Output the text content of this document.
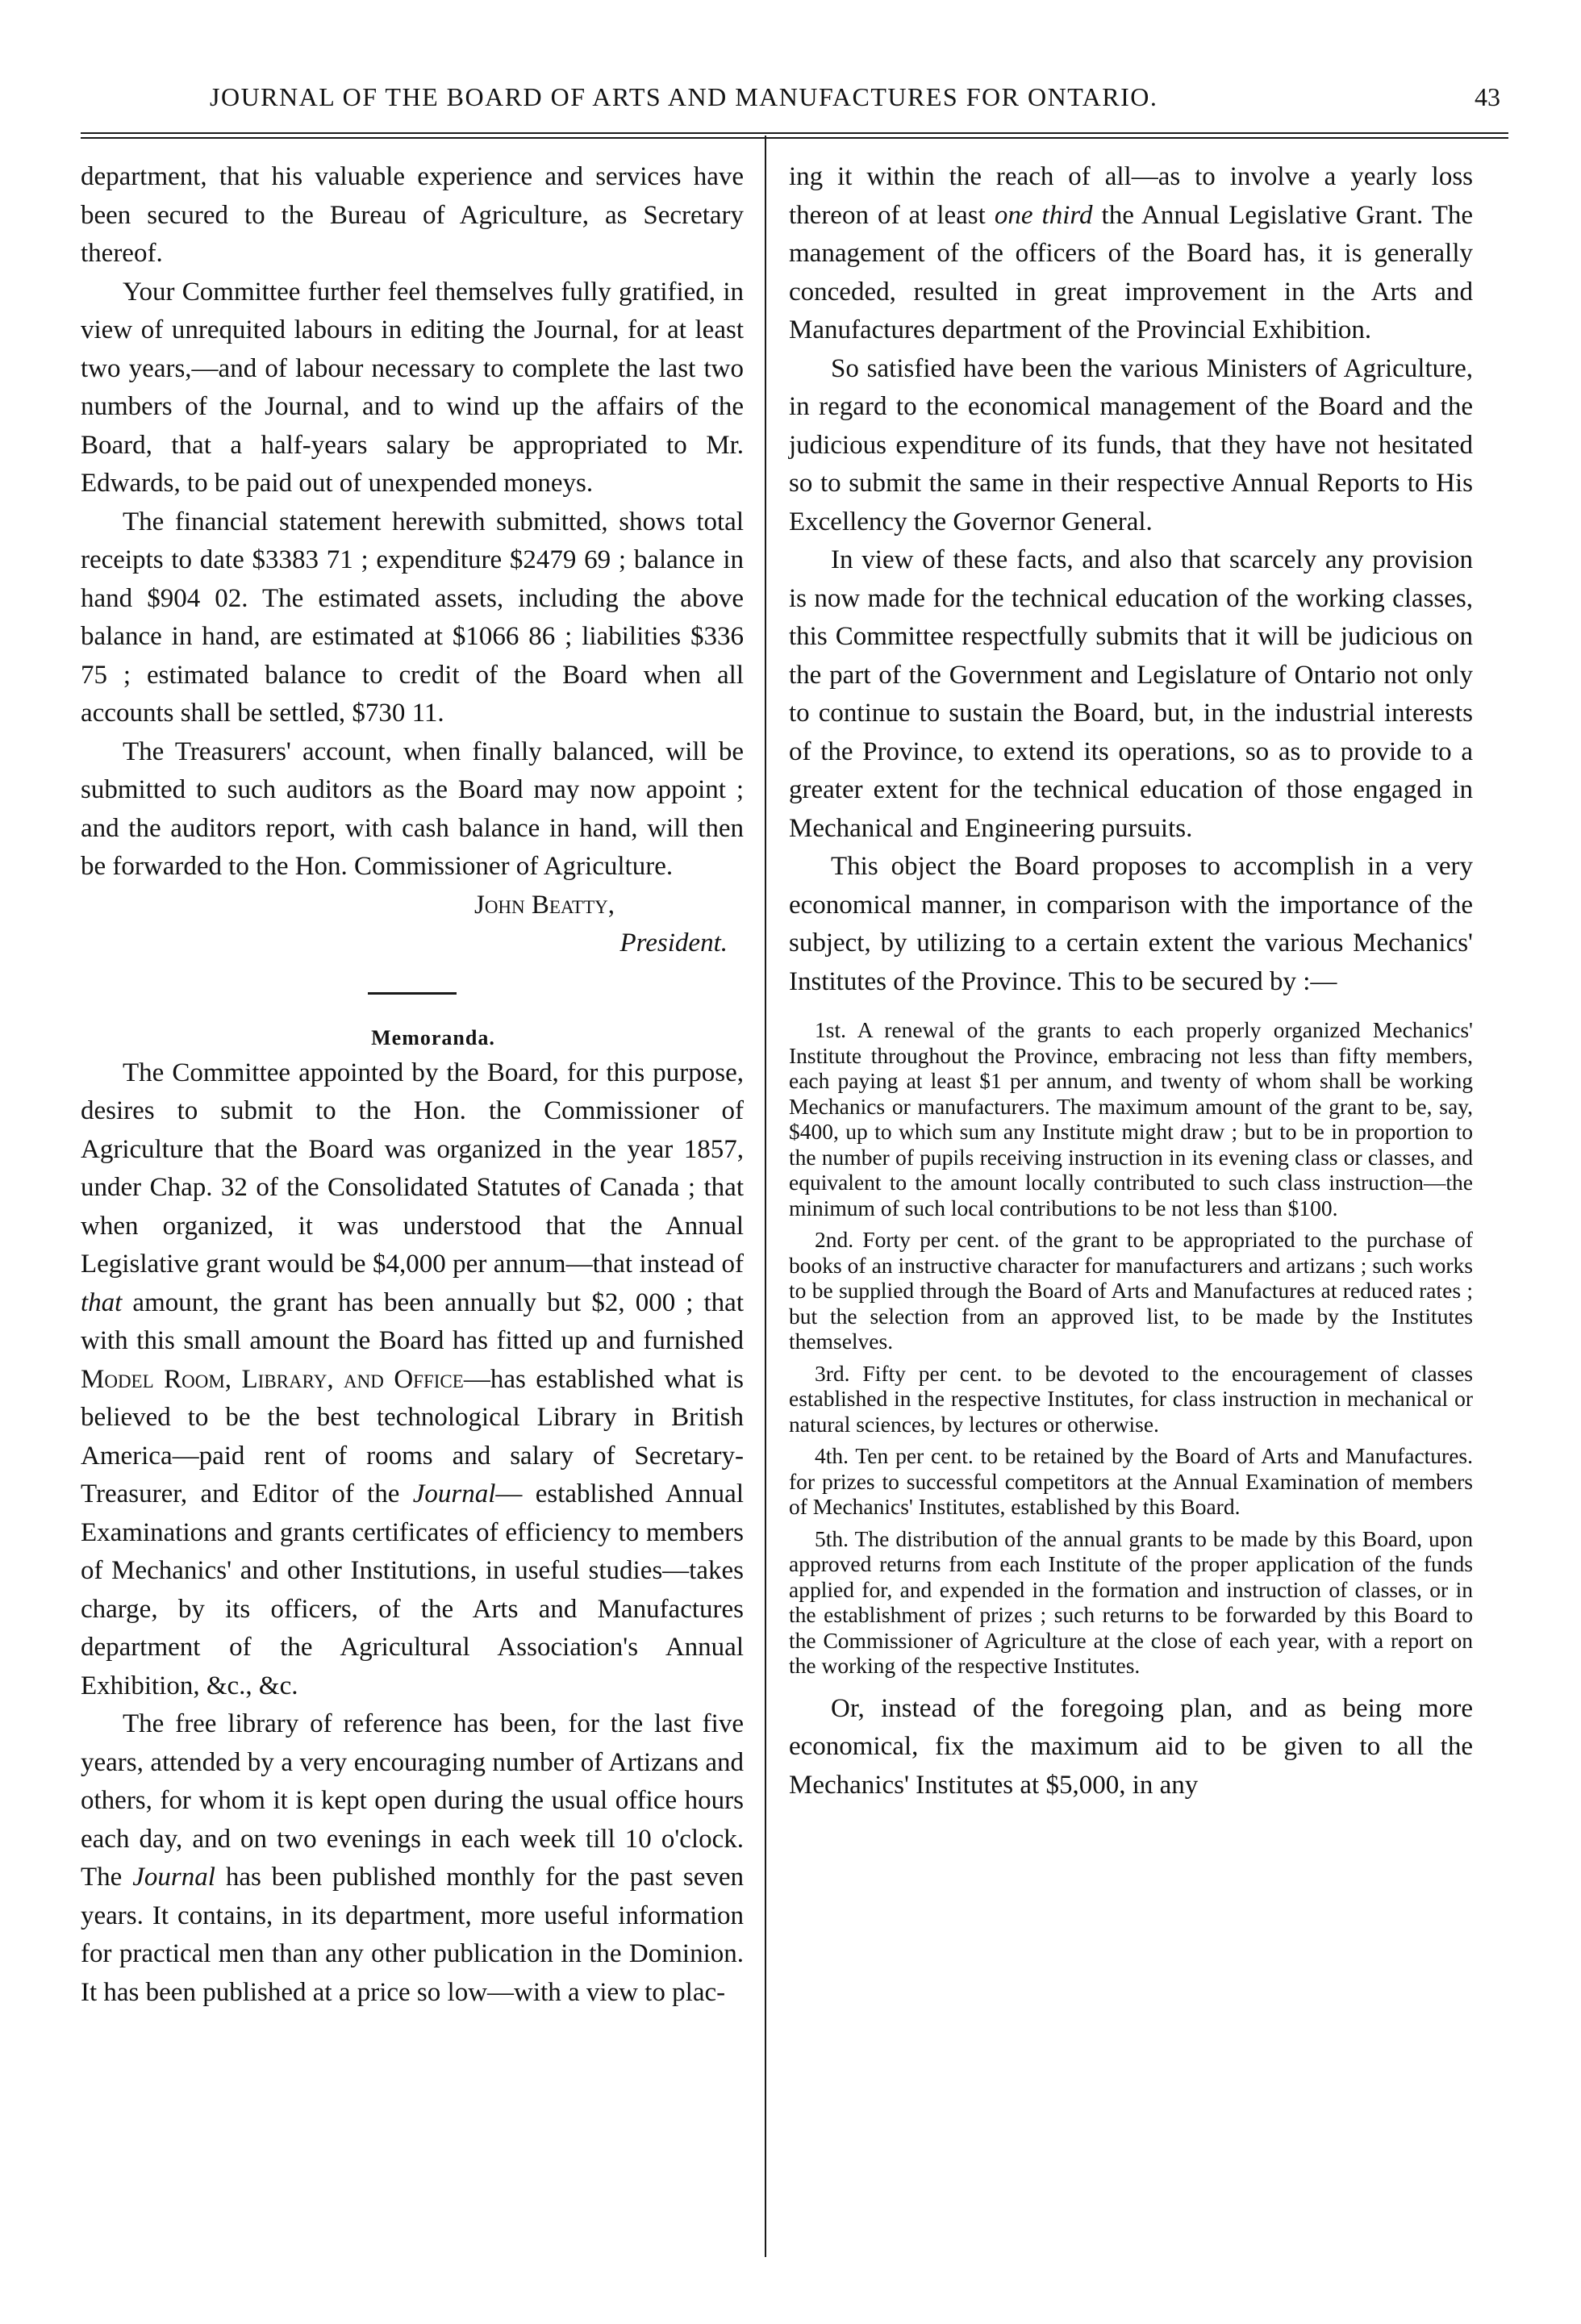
JOURNAL OF THE BOARD OF ARTS AND MANUFACTURES FOR ONTARIO.	43

department, that his valuable experience and services have been secured to the Bureau of Agriculture, as Secretary thereof.

Your Committee further feel themselves fully gratified, in view of unrequited labours in editing the Journal, for at least two years,—and of labour necessary to complete the last two numbers of the Journal, and to wind up the affairs of the Board, that a half-years salary be appropriated to Mr. Edwards, to be paid out of unexpended moneys.

The financial statement herewith submitted, shows total receipts to date $3383 71 ; expenditure $2479 69 ; balance in hand $904 02. The estimated assets, including the above balance in hand, are estimated at $1066 86 ; liabilities $336 75 ; estimated balance to credit of the Board when all accounts shall be settled, $730 11.

The Treasurers' account, when finally balanced, will be submitted to such auditors as the Board may now appoint ; and the auditors report, with cash balance in hand, will then be forwarded to the Hon. Commissioner of Agriculture.

John Beatty,
President.

Memoranda.

The Committee appointed by the Board, for this purpose, desires to submit to the Hon. the Commissioner of Agriculture that the Board was organized in the year 1857, under Chap. 32 of the Consolidated Statutes of Canada ; that when organized, it was understood that the Annual Legislative grant would be $4,000 per annum—that instead of that amount, the grant has been annually but $2, 000 ; that with this small amount the Board has fitted up and furnished Model Room, Library, and Office—has established what is believed to be the best technological Library in British America—paid rent of rooms and salary of Secretary-Treasurer, and Editor of the Journal— established Annual Examinations and grants certificates of efficiency to members of Mechanics' and other Institutions, in useful studies—takes charge, by its officers, of the Arts and Manufactures department of the Agricultural Association's Annual Exhibition, &c., &c.

The free library of reference has been, for the last five years, attended by a very encouraging number of Artizans and others, for whom it is kept open during the usual office hours each day, and on two evenings in each week till 10 o'clock. The Journal has been published monthly for the past seven years. It contains, in its department, more useful information for practical men than any other publication in the Dominion. It has been published at a price so low—with a view to plac-

ing it within the reach of all—as to involve a yearly loss thereon of at least one third the Annual Legislative Grant. The management of the officers of the Board has, it is generally conceded, resulted in great improvement in the Arts and Manufactures department of the Provincial Exhibition.

So satisfied have been the various Ministers of Agriculture, in regard to the economical management of the Board and the judicious expenditure of its funds, that they have not hesitated so to submit the same in their respective Annual Reports to His Excellency the Governor General.

In view of these facts, and also that scarcely any provision is now made for the technical education of the working classes, this Committee respectfully submits that it will be judicious on the part of the Government and Legislature of Ontario not only to continue to sustain the Board, but, in the industrial interests of the Province, to extend its operations, so as to provide to a greater extent for the technical education of those engaged in Mechanical and Engineering pursuits.

This object the Board proposes to accomplish in a very economical manner, in comparison with the importance of the subject, by utilizing to a certain extent the various Mechanics' Institutes of the Province. This to be secured by :—

1st. A renewal of the grants to each properly organized Mechanics' Institute throughout the Province, embracing not less than fifty members, each paying at least $1 per annum, and twenty of whom shall be working Mechanics or manufacturers. The maximum amount of the grant to be, say, $400, up to which sum any Institute might draw ; but to be in proportion to the number of pupils receiving instruction in its evening class or classes, and equivalent to the amount locally contributed to such class instruction—the minimum of such local contributions to be not less than $100.

2nd. Forty per cent. of the grant to be appropriated to the purchase of books of an instructive character for manufacturers and artizans ; such works to be supplied through the Board of Arts and Manufactures at reduced rates ; but the selection from an approved list, to be made by the Institutes themselves.

3rd. Fifty per cent. to be devoted to the encouragement of classes established in the respective Institutes, for class instruction in mechanical or natural sciences, by lectures or otherwise.

4th. Ten per cent. to be retained by the Board of Arts and Manufactures. for prizes to successful competitors at the Annual Examination of members of Mechanics' Institutes, established by this Board.

5th. The distribution of the annual grants to be made by this Board, upon approved returns from each Institute of the proper application of the funds applied for, and expended in the formation and instruction of classes, or in the establishment of prizes ; such returns to be forwarded by this Board to the Commissioner of Agriculture at the close of each year, with a report on the working of the respective Institutes.

Or, instead of the foregoing plan, and as being more economical, fix the maximum aid to be given to all the Mechanics' Institutes at $5,000, in any
